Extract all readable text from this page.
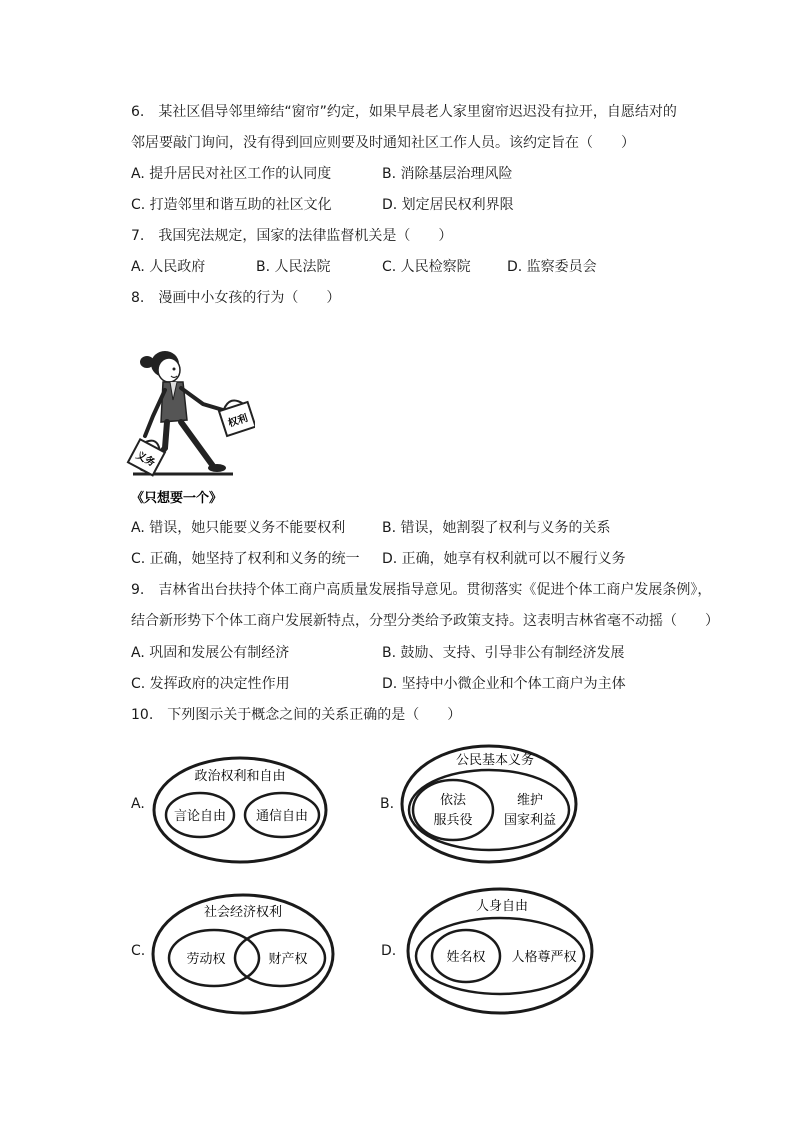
6.　某社区倡导邻里缔结“窗帘”约定，如果早晨老人家里窗帘迟迟没有拉开，自愿结对的
邻居要敲门询问，没有得到回应则要及时通知社区工作人员。该约定旨在（　　）
A. 提升居民对社区工作的认同度	B. 消除基层治理风险
C. 打造邻里和谐互助的社区文化	D. 划定居民权利界限
7.　我国宪法规定，国家的法律监督机关是（　　）
A. 人民政府	B. 人民法院	C. 人民检察院	D. 监察委员会
8.　漫画中小女孩的行为（　　）
权利
义务
《只想要一个》
A. 错误，她只能要义务不能要权利	B. 错误，她割裂了权利与义务的关系
C. 正确，她坚持了权利和义务的统一 D. 正确，她享有权利就可以不履行义务
9.　吉林省出台扶持个体工商户高质量发展指导意见。贯彻落实《促进个体工商户发展条例》，
结合新形势下个体工商户发展新特点，分型分类给予政策支持。这表明吉林省毫不动摇（　　）
A. 巩固和发展公有制经济	B. 鼓励、支持、引导非公有制经济发展
C. 发挥政府的决定性作用	D. 坚持中小微企业和个体工商户为主体
10.　下列图示关于概念之间的关系正确的是（　　）
A.
政治权利和自由
言论自由 通信自由
B.
公民基本义务
维护
国家利益
依法
服兵役
C.
社会经济权利
劳动权	财产权
D.
人身自由
人格尊严权
姓名权
